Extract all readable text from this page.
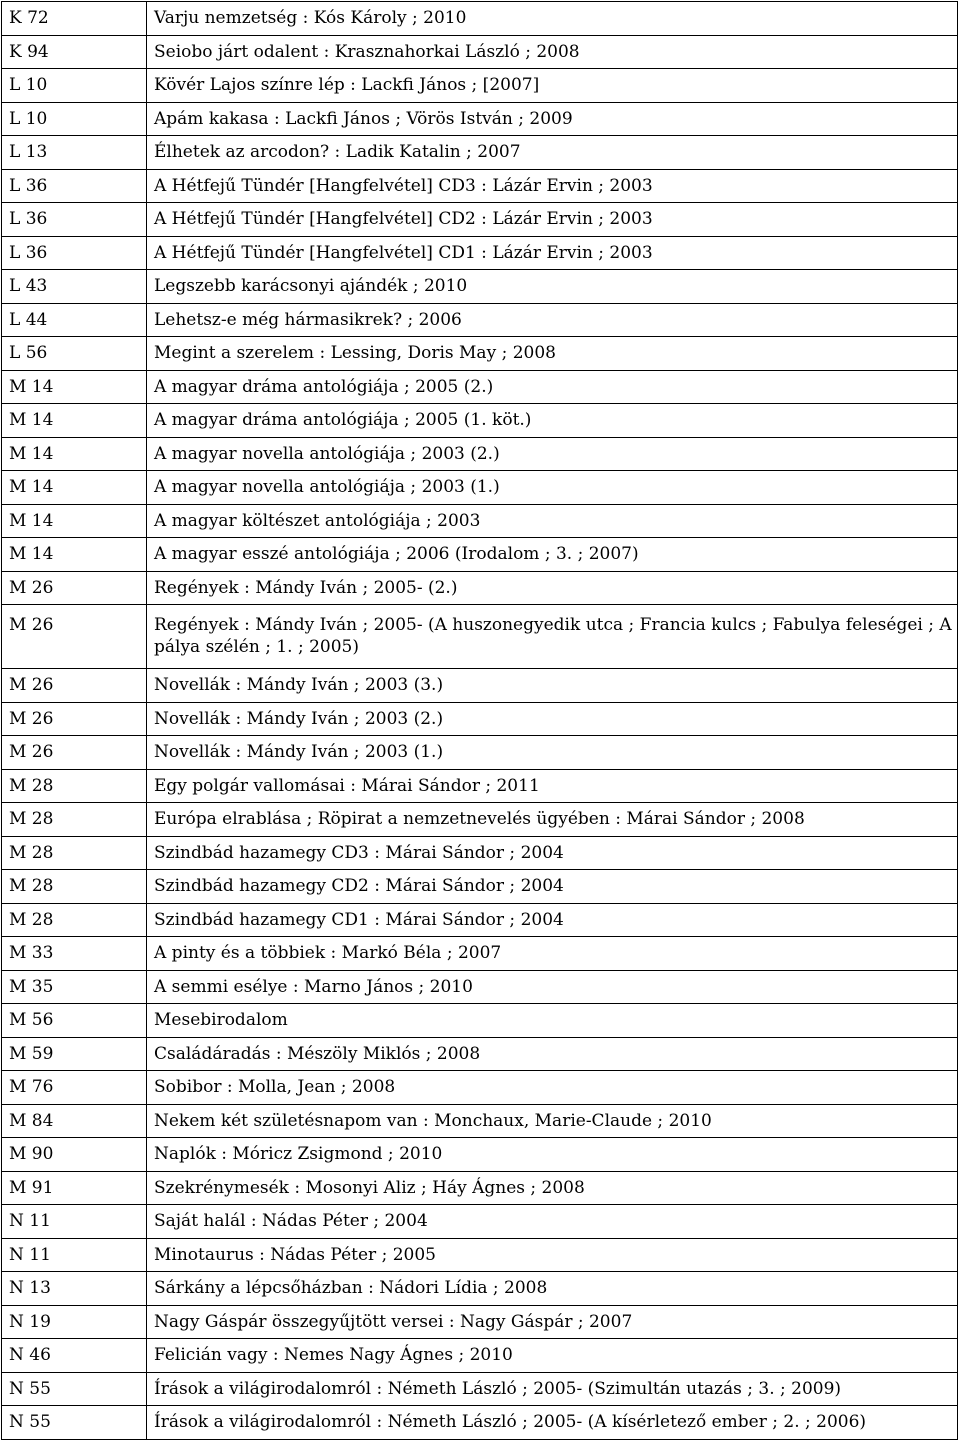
K 72	Varju nemzetség : Kós Károly ; 2010
K 94	Seiobo járt odalent : Krasznahorkai László ; 2008
L 10	Kövér Lajos színre lép : Lackfi János ; [2007]
L 10	Apám kakasa : Lackfi János ; Vörös István ; 2009
L 13	Élhetek az arcodon? : Ladik Katalin ; 2007
L 36	A Hétfejű Tündér [Hangfelvétel] CD3 : Lázár Ervin ; 2003
L 36	A Hétfejű Tündér [Hangfelvétel] CD2 : Lázár Ervin ; 2003
L 36	A Hétfejű Tündér [Hangfelvétel] CD1 : Lázár Ervin ; 2003
L 43	Legszebb karácsonyi ajándék ; 2010
L 44	Lehetsz-e még hármasikrek? ; 2006
L 56	Megint a szerelem : Lessing, Doris May ; 2008
M 14	A magyar dráma antológiája ; 2005 (2.)
M 14	A magyar dráma antológiája ; 2005 (1. köt.)
M 14	A magyar novella antológiája ; 2003 (2.)
M 14	A magyar novella antológiája ; 2003 (1.)
M 14	A magyar költészet antológiája ; 2003
M 14	A magyar esszé antológiája ; 2006 (Irodalom ; 3. ; 2007)
M 26	Regények : Mándy Iván ; 2005- (2.)
M 26	Regények : Mándy Iván ; 2005- (A huszonegyedik utca ; Francia kulcs ; Fabulya feleségei ; A pálya szélén ; 1. ; 2005)
M 26	Novellák : Mándy Iván ; 2003 (3.)
M 26	Novellák : Mándy Iván ; 2003 (2.)
M 26	Novellák : Mándy Iván ; 2003 (1.)
M 28	Egy polgár vallomásai : Márai Sándor ; 2011
M 28	Európa elrablása ; Röpirat a nemzetnevelés ügyében : Márai Sándor ; 2008
M 28	Szindbád hazamegy CD3 : Márai Sándor ; 2004
M 28	Szindbád hazamegy CD2 : Márai Sándor ; 2004
M 28	Szindbád hazamegy CD1 : Márai Sándor ; 2004
M 33	A pinty és a többiek : Markó Béla ; 2007
M 35	A semmi esélye : Marno János ; 2010
M 56	Mesebirodalom
M 59	Családáradás : Mészöly Miklós ; 2008
M 76	Sobibor : Molla, Jean ; 2008
M 84	Nekem két születésnapom van : Monchaux, Marie-Claude ; 2010
M 90	Naplók : Móricz Zsigmond ; 2010
M 91	Szekrénymesék : Mosonyi Aliz ; Háy Ágnes ; 2008
N 11	Saját halál : Nádas Péter ; 2004
N 11	Minotaurus : Nádas Péter ; 2005
N 13	Sárkány a lépcsőházban : Nádori Lídia ; 2008
N 19	Nagy Gáspár összegyűjtött versei : Nagy Gáspár ; 2007
N 46	Felicián vagy : Nemes Nagy Ágnes ; 2010
N 55	Írások a világirodalomról : Németh László ; 2005- (Szimultán utazás ; 3. ; 2009)
N 55	Írások a világirodalomról : Németh László ; 2005- (A kísérletező ember ; 2. ; 2006)
